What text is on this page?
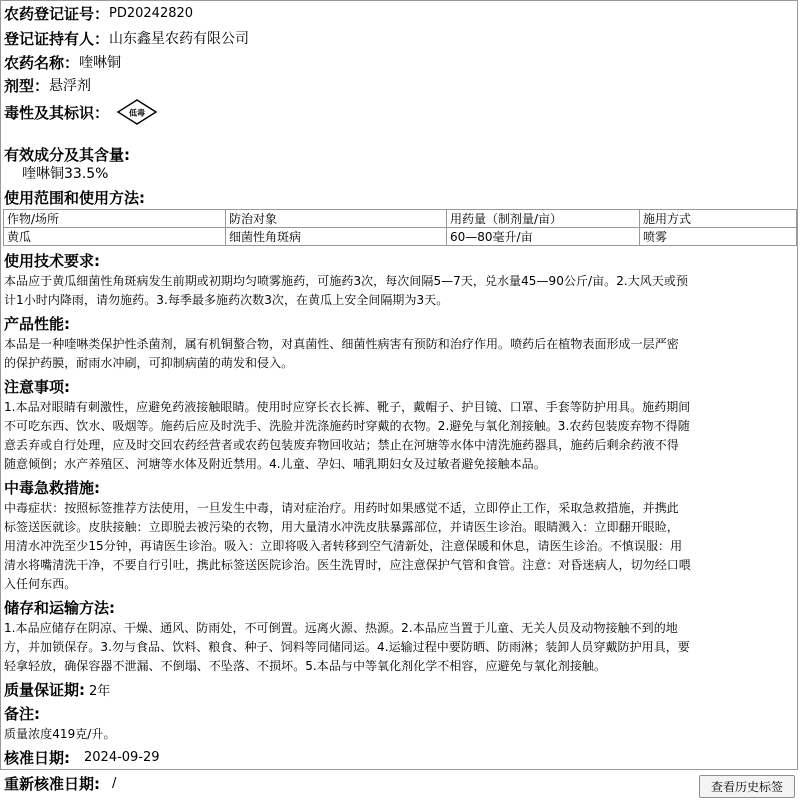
农药登记证号： PD20242820
登记证持有人： 山东鑫星农药有限公司
农药名称： 喹啉铜
剂型： 悬浮剂
毒性及其标识：	低毒
有效成分及其含量:
喹啉铜33.5%
使用范围和使用方法:
作物/场所	防治对象	用药量（制剂量/亩）	施用方式
黄瓜	细菌性角斑病	60—80毫升/亩	喷雾
使用技术要求:
本品应于黄瓜细菌性角斑病发生前期或初期均匀喷雾施药，可施药3次，每次间隔5—7天，兑水量45—90公斤/亩。2.大风天或预
计1小时内降雨，请勿施药。3.每季最多施药次数3次，在黄瓜上安全间隔期为3天。
产品性能:
本品是一种喹啉类保护性杀菌剂，属有机铜螯合物，对真菌性、细菌性病害有预防和治疗作用。喷药后在植物表面形成一层严密
的保护药膜，耐雨水冲刷，可抑制病菌的萌发和侵入。
注意事项:
1.本品对眼睛有刺激性，应避免药液接触眼睛。使用时应穿长衣长裤、靴子，戴帽子、护目镜、口罩、手套等防护用具。施药期间
不可吃东西、饮水、吸烟等。施药后应及时洗手、洗脸并洗涤施药时穿戴的衣物。2.避免与氧化剂接触。3.农药包装废弃物不得随
意丢弃或自行处理，应及时交回农药经营者或农药包装废弃物回收站；禁止在河塘等水体中清洗施药器具，施药后剩余药液不得
随意倾倒；水产养殖区、河塘等水体及附近禁用。4.儿童、孕妇、哺乳期妇女及过敏者避免接触本品。
中毒急救措施:
中毒症状：按照标签推荐方法使用，一旦发生中毒，请对症治疗。用药时如果感觉不适，立即停止工作，采取急救措施，并携此
标签送医就诊。皮肤接触：立即脱去被污染的衣物，用大量清水冲洗皮肤暴露部位，并请医生诊治。眼睛溅入：立即翻开眼睑，
用清水冲洗至少15分钟，再请医生诊治。吸入：立即将吸入者转移到空气清新处，注意保暖和休息，请医生诊治。不慎误服：用
清水将嘴清洗干净，不要自行引吐，携此标签送医院诊治。医生洗胃时，应注意保护气管和食管。注意：对昏迷病人，切勿经口喂
入任何东西。
储存和运输方法:
1.本品应储存在阴凉、干燥、通风、防雨处，不可倒置。远离火源、热源。2.本品应当置于儿童、无关人员及动物接触不到的地
方，并加锁保存。3.勿与食品、饮料、粮食、种子、饲料等同储同运。4.运输过程中要防晒、防雨淋；装卸人员穿戴防护用具，要
轻拿轻放，确保容器不泄漏、不倒塌、不坠落、不损坏。5.本品与中等氧化剂化学不相容，应避免与氧化剂接触。
质量保证期: 2年
备注:
质量浓度419克/升。
核准日期: 2024-09-29
重新核准日期: /	查看历史标签
